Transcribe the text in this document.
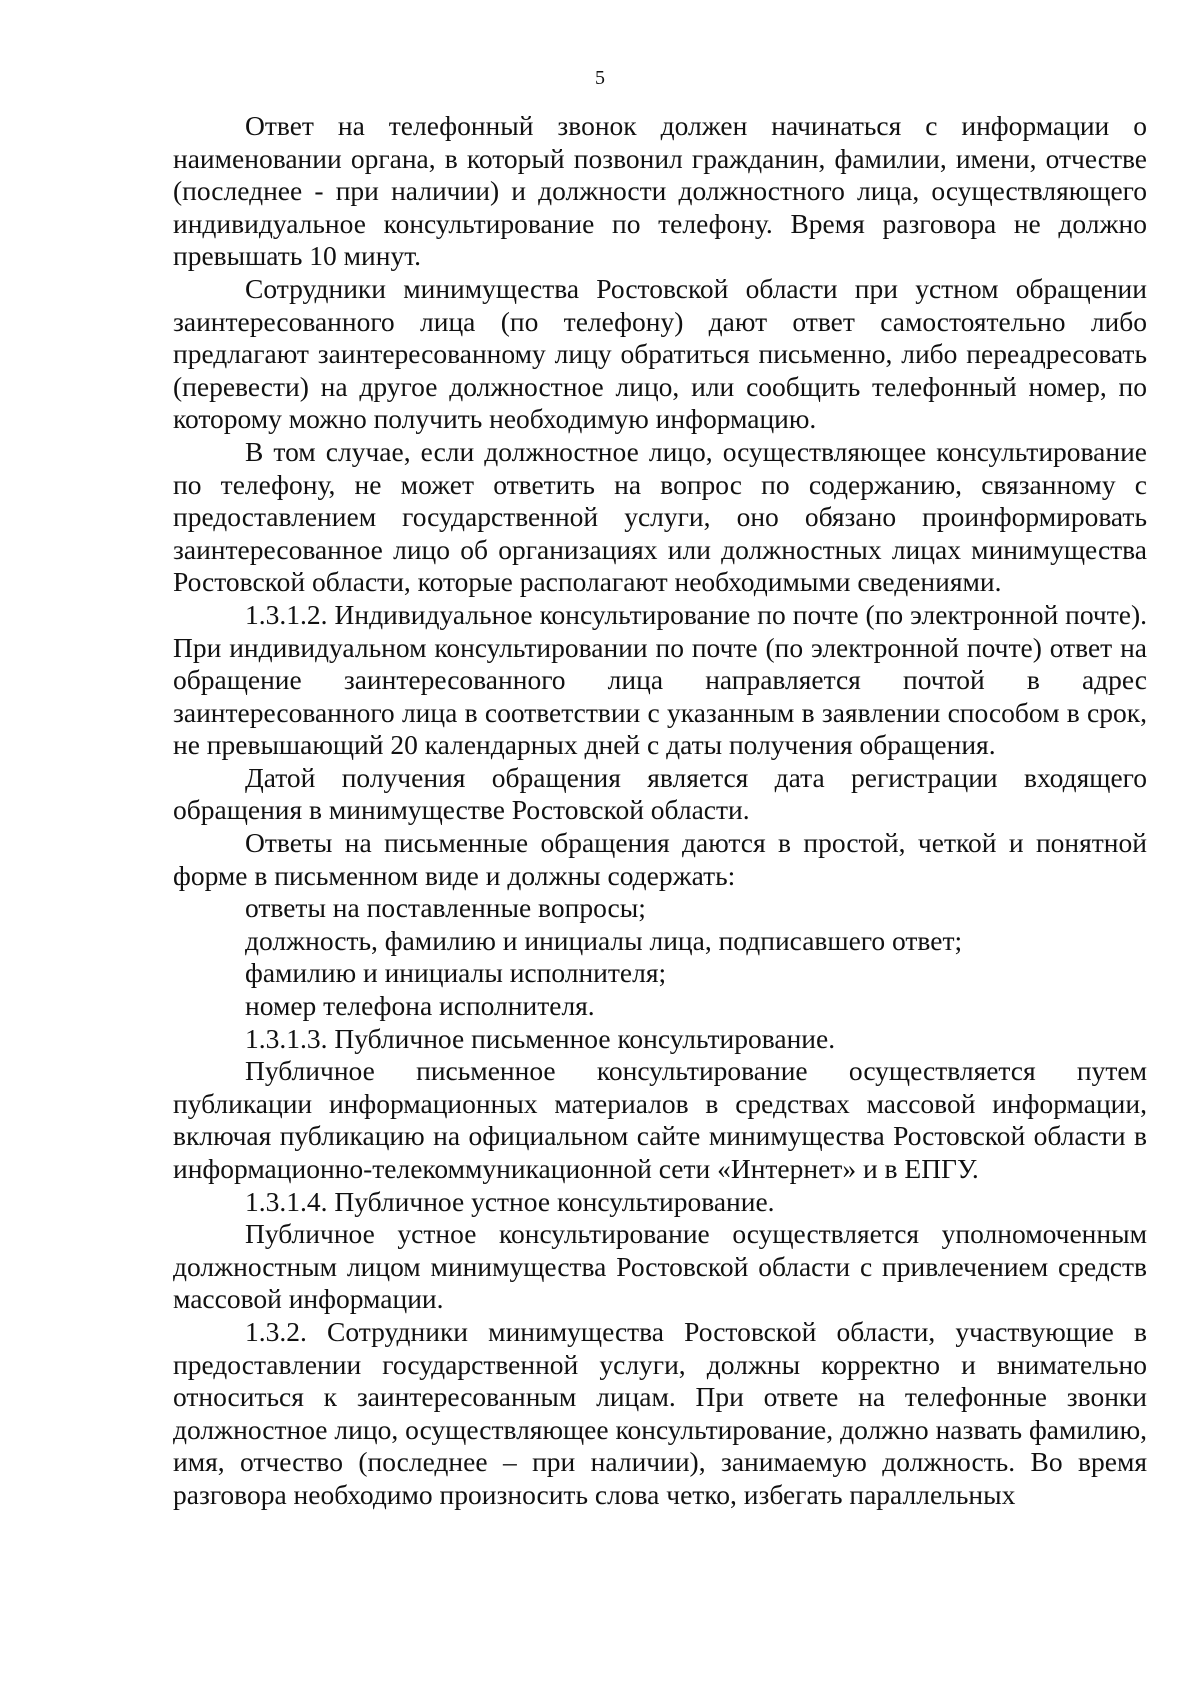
5

Ответ на телефонный звонок должен начинаться с информации о наименовании органа, в который позвонил гражданин, фамилии, имени, отчестве (последнее - при наличии) и должности должностного лица, осуществляющего индивидуальное консультирование по телефону. Время разговора не должно превышать 10 минут.

Сотрудники минимущества Ростовской области при устном обращении заинтересованного лица (по телефону) дают ответ самостоятельно либо предлагают заинтересованному лицу обратиться письменно, либо переадресовать (перевести) на другое должностное лицо, или сообщить телефонный номер, по которому можно получить необходимую информацию.

В том случае, если должностное лицо, осуществляющее консультирование по телефону, не может ответить на вопрос по содержанию, связанному с предоставлением государственной услуги, оно обязано проинформировать заинтересованное лицо об организациях или должностных лицах минимущества Ростовской области, которые располагают необходимыми сведениями.

1.3.1.2. Индивидуальное консультирование по почте (по электронной почте). При индивидуальном консультировании по почте (по электронной почте) ответ на обращение заинтересованного лица направляется почтой в адрес заинтересованного лица в соответствии с указанным в заявлении способом в срок, не превышающий 20 календарных дней с даты получения обращения.

Датой получения обращения является дата регистрации входящего обращения в минимуществе Ростовской области.

Ответы на письменные обращения даются в простой, четкой и понятной форме в письменном виде и должны содержать:

ответы на поставленные вопросы;

должность, фамилию и инициалы лица, подписавшего ответ;

фамилию и инициалы исполнителя;

номер телефона исполнителя.

1.3.1.3. Публичное письменное консультирование.

Публичное письменное консультирование осуществляется путем публикации информационных материалов в средствах массовой информации, включая публикацию на официальном сайте минимущества Ростовской области в информационно-телекоммуникационной сети «Интернет» и в ЕПГУ.

1.3.1.4. Публичное устное консультирование.

Публичное устное консультирование осуществляется уполномоченным должностным лицом минимущества Ростовской области с привлечением средств массовой информации.

1.3.2. Сотрудники минимущества Ростовской области, участвующие в предоставлении государственной услуги, должны корректно и внимательно относиться к заинтересованным лицам. При ответе на телефонные звонки должностное лицо, осуществляющее консультирование, должно назвать фамилию, имя, отчество (последнее – при наличии), занимаемую должность. Во время разговора необходимо произносить слова четко, избегать параллельных
